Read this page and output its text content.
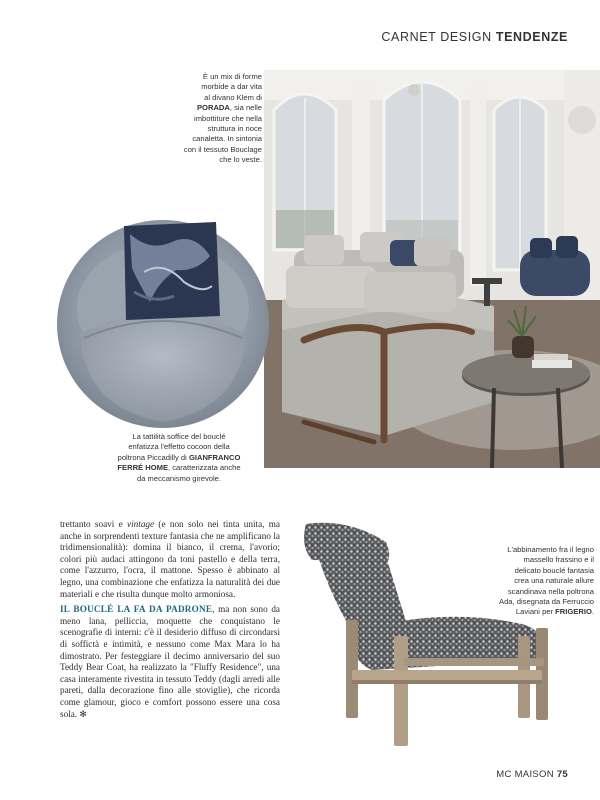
CARNET DESIGN TENDENZE
È un mix di forme
morbide a dar vita
al divano Klem di
PORADA, sia nelle
imbottiture che nella
struttura in noce
canaletta. In sintonia
con il tessuto Bouclage
che lo veste.
La tattilità soffice del bouclé
enfatizza l'effetto cocoon della
poltrona Piccadilly di GIANFRANCO
FERRÉ HOME, caratterizzata anche
da meccanismo girevole.

trettanto soavi e vintage (e non solo nei tinta unita, ma anche in sorprendenti texture fantasia che ne amplificano la tridimensionalità): domina il bianco, il crema, l'avorio; colori più audaci attingono da toni pastello e della terra, come l'azzurro, l'ocra, il mattone. Spesso è abbinato al legno, una combinazione che enfatizza la naturalità dei due materiali e che risulta dunque molto armoniosa.

IL BOUCLÉ LA FA DA PADRONE, ma non sono da meno lana, pelliccia, moquette che conquistano le scenografie di interni: c'è il desiderio diffuso di circondarsi di soffictà e intimità, e nessuno come Max Mara lo ha dimostrato. Per festeggiare il decimo anniversario del suo Teddy Bear Coat, ha realizzato la "Fluffy Residence", una casa interamente rivestita in tessuto Teddy (dagli arredi alle pareti, dalla decorazione fino alle stoviglie), che ricorda come glamour, gioco e comfort possono essere una cosa sola. ✻

L'abbinamento fra il legno
massello frassino e il
delicato bouclé fantasia
crea una naturale allure
scandinava nella poltrona
Ada, disegnata da Ferruccio
Laviani per FRIGERIO.
MC MAISON 75
